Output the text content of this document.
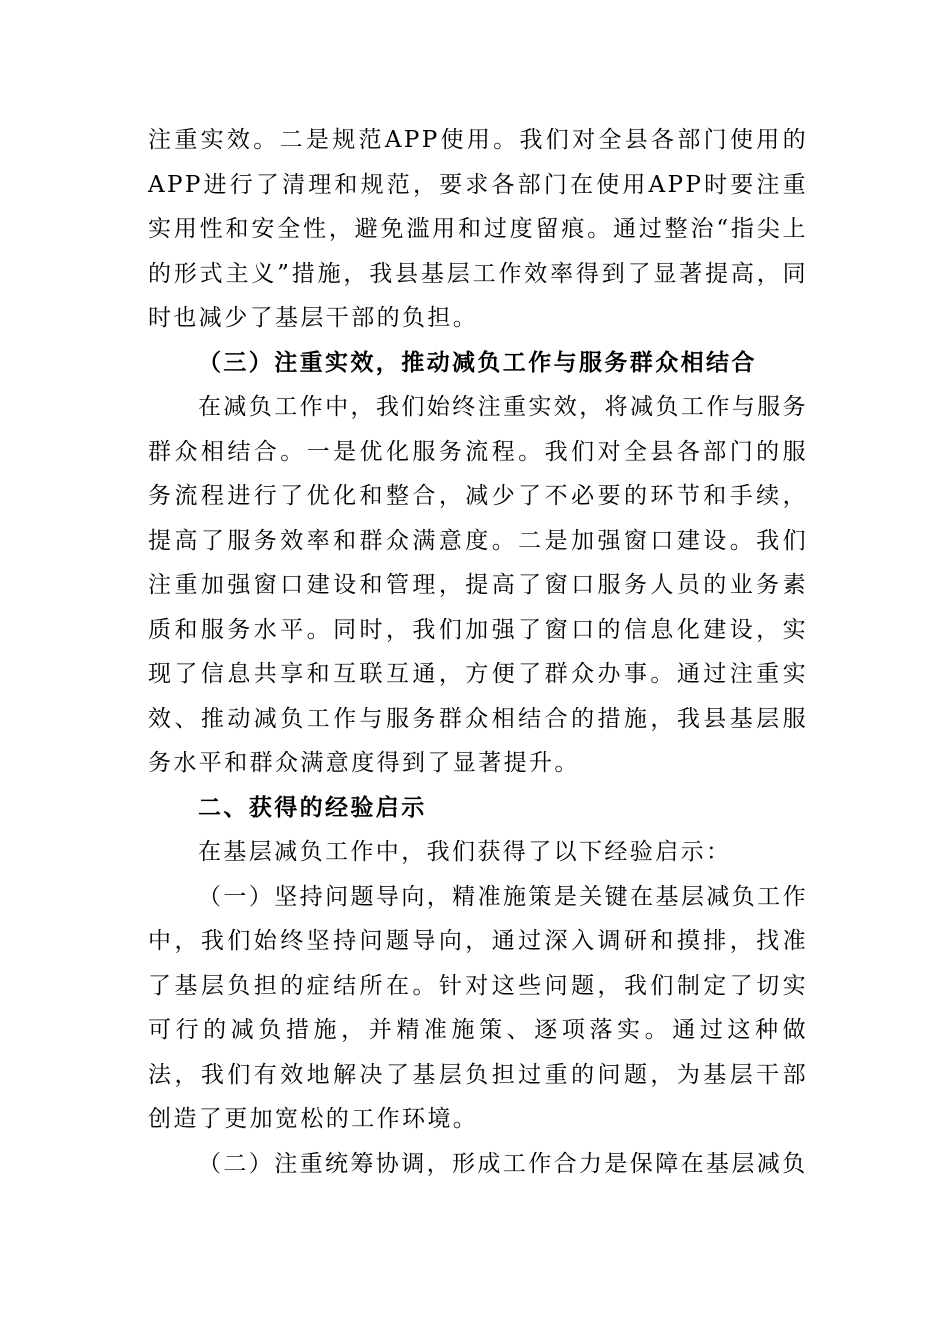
注重实效。二是规范APP使用。我们对全县各部门使用的APP进行了清理和规范，要求各部门在使用APP时要注重实用性和安全性，避免滥用和过度留痕。通过整治“指尖上的形式主义”措施，我县基层工作效率得到了显著提高，同时也减少了基层干部的负担。

（三）注重实效，推动减负工作与服务群众相结合

在减负工作中，我们始终注重实效，将减负工作与服务群众相结合。一是优化服务流程。我们对全县各部门的服务流程进行了优化和整合，减少了不必要的环节和手续，提高了服务效率和群众满意度。二是加强窗口建设。我们注重加强窗口建设和管理，提高了窗口服务人员的业务素质和服务水平。同时，我们加强了窗口的信息化建设，实现了信息共享和互联互通，方便了群众办事。通过注重实效、推动减负工作与服务群众相结合的措施，我县基层服务水平和群众满意度得到了显著提升。

二、获得的经验启示

在基层减负工作中，我们获得了以下经验启示：

（一）坚持问题导向，精准施策是关键在基层减负工作中，我们始终坚持问题导向，通过深入调研和摸排，找准了基层负担的症结所在。针对这些问题，我们制定了切实可行的减负措施，并精准施策、逐项落实。通过这种做法，我们有效地解决了基层负担过重的问题，为基层干部创造了更加宽松的工作环境。

（二）注重统筹协调，形成工作合力是保障在基层减负
